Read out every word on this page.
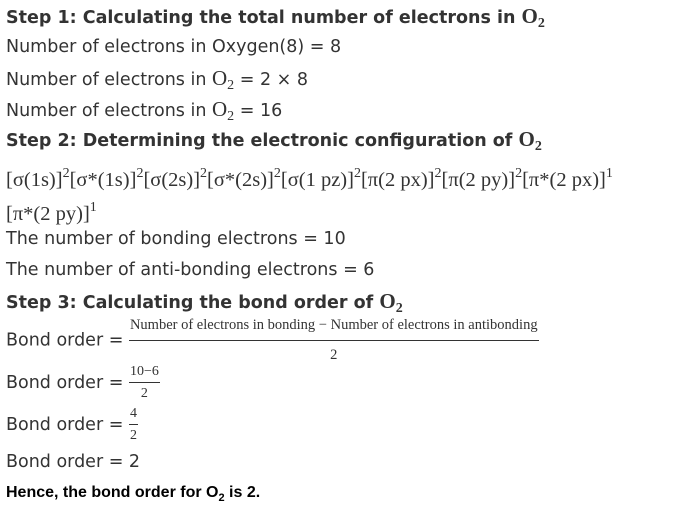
Step 1: Calculating the total number of electrons in $O_2$
Number of electrons in Oxygen(8) = 8
Number of electrons in $O_2 = 2 \times 8$
Number of electrons in $O_2 = 16$
Step 2: Determining the electronic configuration of $O_2$
$[\sigma(1s)]^2[\sigma*(1s)]^2[\sigma(2s)]^2[\sigma*(2s)]^2[\sigma(1$ pz)]$^2$[π(2 px)]$^2$[π(2 py)]$^2$[π*(2 px)]$^1$
[π*(2 py)]$^1$
The number of bonding electrons = 10
The number of anti-bonding electrons = 6
Step 3: Calculating the bond order of $O_2$
Bond order =
Number of electrons in bonding − Number of electrons in antibonding
2
Bond order = $\frac{10-6}{2}$
Bond order = $\frac{4}{2}$
Bond order = 2
Hence, the bond order for $O_2$ is 2.
